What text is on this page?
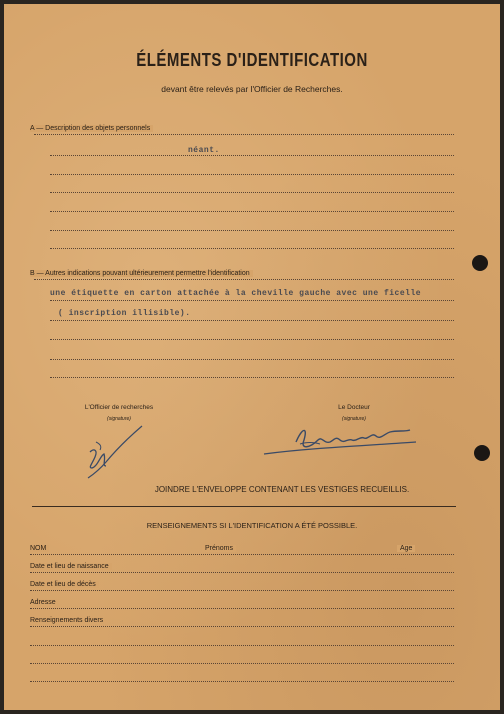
ÉLÉMENTS D'IDENTIFICATION
devant être relevés par l'Officier de Recherches.
A — Description des objets personnels
néant.
B — Autres indications pouvant ultérieurement permettre l'identification
une étiquette en carton attachée à la cheville gauche avec une ficelle
( inscription illisible).
L'Officier de recherches
(signature)
Le Docteur
(signature)
JOINDRE L'ENVELOPPE CONTENANT LES VESTIGES RECUEILLIS.
RENSEIGNEMENTS SI L'IDENTIFICATION A ÉTÉ POSSIBLE.
NOM	Prénoms	Age
Date et lieu de naissance
Date et lieu de décès
Adresse
Renseignements divers
